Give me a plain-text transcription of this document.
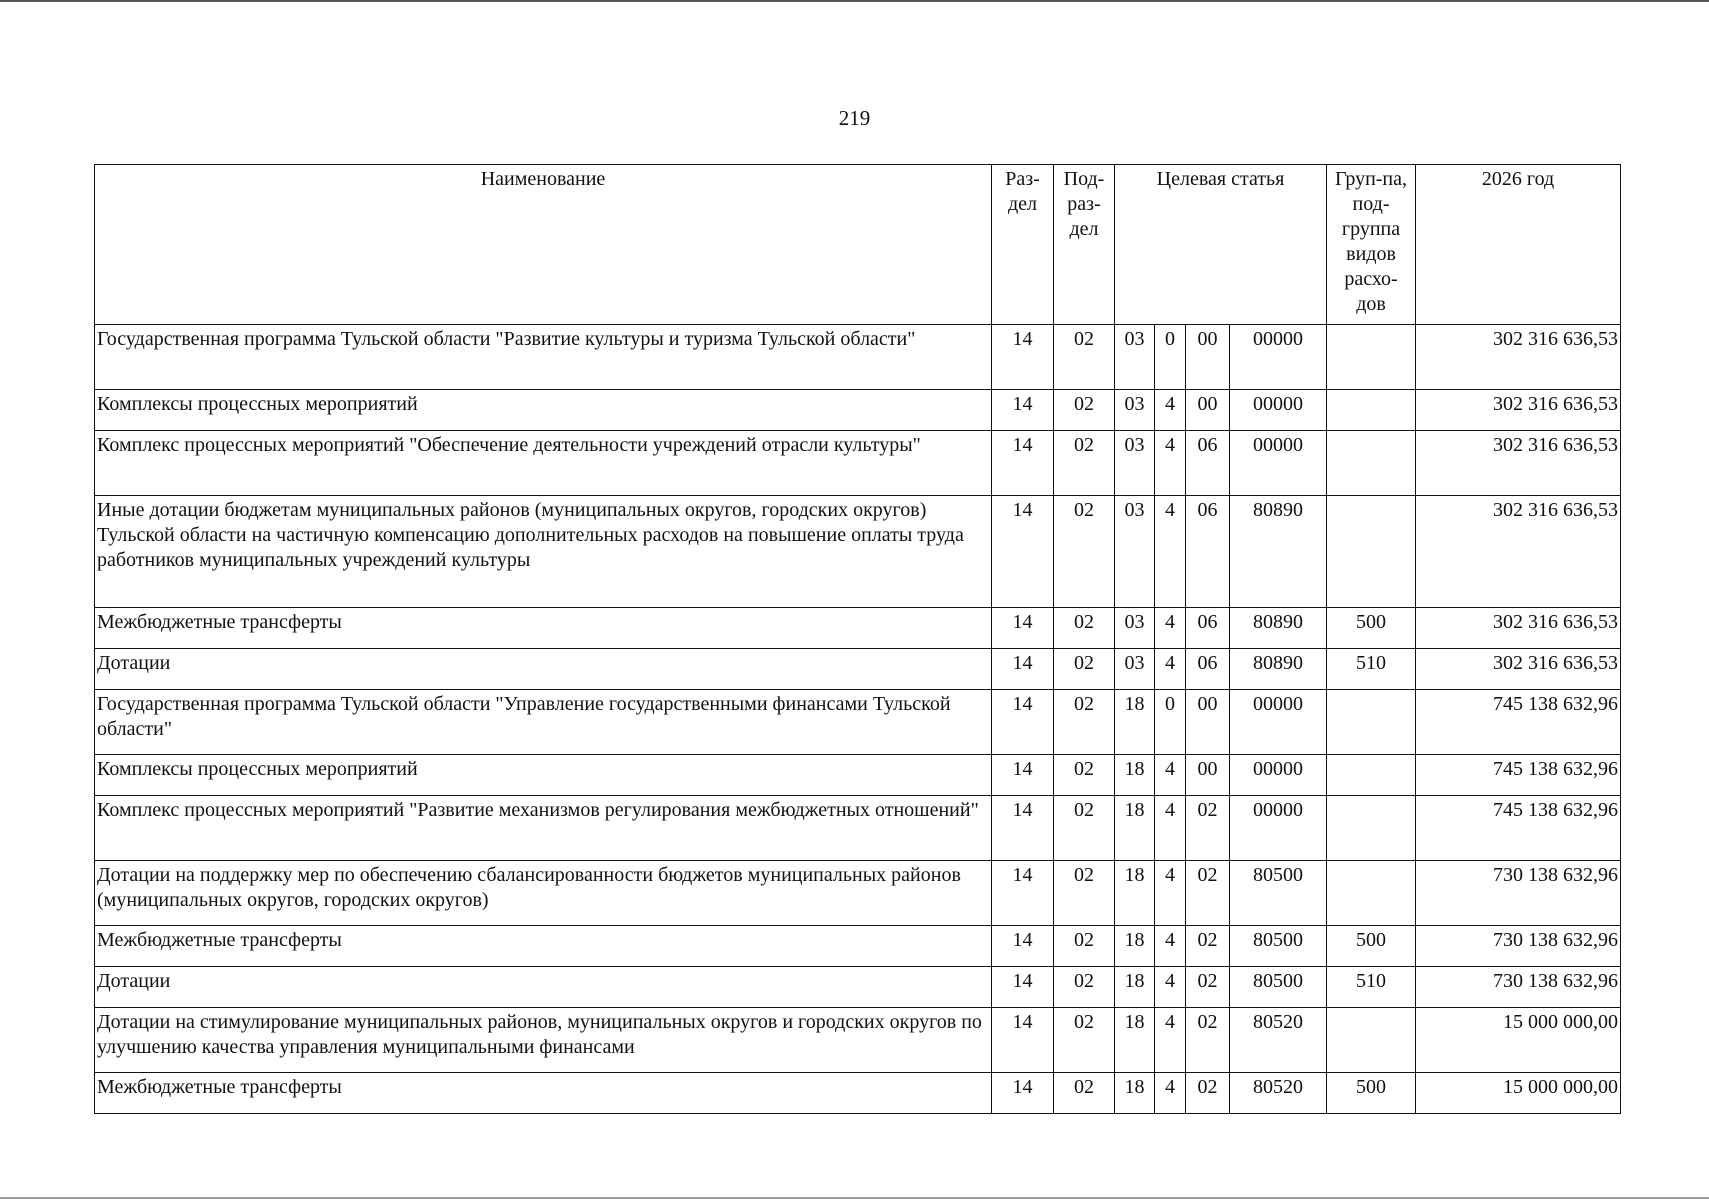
219
Наименование	Раз-дел	Под-раз-дел	Целевая статья				Груп-па, под-группа видов расхо-дов	2026 год
Государственная программа Тульской области "Развитие культуры и туризма Тульской области"	14	02	03	0	00	00000		302 316 636,53
Комплексы процессных мероприятий	14	02	03	4	00	00000		302 316 636,53
Комплекс процессных мероприятий "Обеспечение деятельности учреждений отрасли культуры"	14	02	03	4	06	00000		302 316 636,53
Иные дотации бюджетам муниципальных районов (муниципальных округов, городских округов) Тульской области на частичную компенсацию дополнительных расходов на повышение оплаты труда работников муниципальных учреждений культуры	14	02	03	4	06	80890		302 316 636,53
Межбюджетные трансферты	14	02	03	4	06	80890	500	302 316 636,53
Дотации	14	02	03	4	06	80890	510	302 316 636,53
Государственная программа Тульской области "Управление государственными финансами Тульской области"	14	02	18	0	00	00000		745 138 632,96
Комплексы процессных мероприятий	14	02	18	4	00	00000		745 138 632,96
Комплекс процессных мероприятий "Развитие механизмов регулирования межбюджетных отношений"	14	02	18	4	02	00000		745 138 632,96
Дотации на поддержку мер по обеспечению сбалансированности бюджетов муниципальных районов (муниципальных округов, городских округов)	14	02	18	4	02	80500		730 138 632,96
Межбюджетные трансферты	14	02	18	4	02	80500	500	730 138 632,96
Дотации	14	02	18	4	02	80500	510	730 138 632,96
Дотации на стимулирование муниципальных районов, муниципальных округов и городских округов по улучшению качества управления муниципальными финансами	14	02	18	4	02	80520		15 000 000,00
Межбюджетные трансферты	14	02	18	4	02	80520	500	15 000 000,00
